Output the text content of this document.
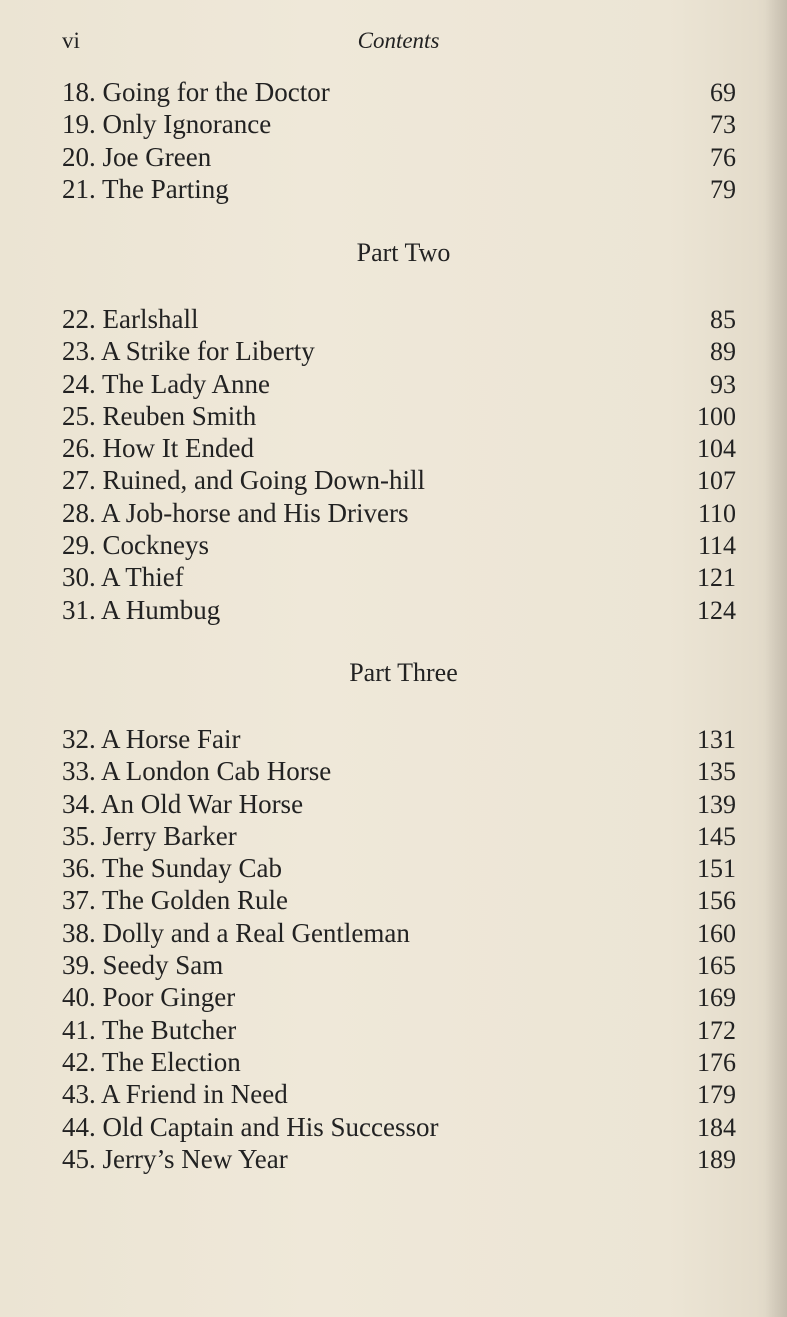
vi	Contents
18. Going for the Doctor	69
19. Only Ignorance	73
20. Joe Green	76
21. The Parting	79
Part Two
22. Earlshall	85
23. A Strike for Liberty	89
24. The Lady Anne	93
25. Reuben Smith	100
26. How It Ended	104
27. Ruined, and Going Down-hill	107
28. A Job-horse and His Drivers	110
29. Cockneys	114
30. A Thief	121
31. A Humbug	124
Part Three
32. A Horse Fair	131
33. A London Cab Horse	135
34. An Old War Horse	139
35. Jerry Barker	145
36. The Sunday Cab	151
37. The Golden Rule	156
38. Dolly and a Real Gentleman	160
39. Seedy Sam	165
40. Poor Ginger	169
41. The Butcher	172
42. The Election	176
43. A Friend in Need	179
44. Old Captain and His Successor	184
45. Jerry’s New Year	189
